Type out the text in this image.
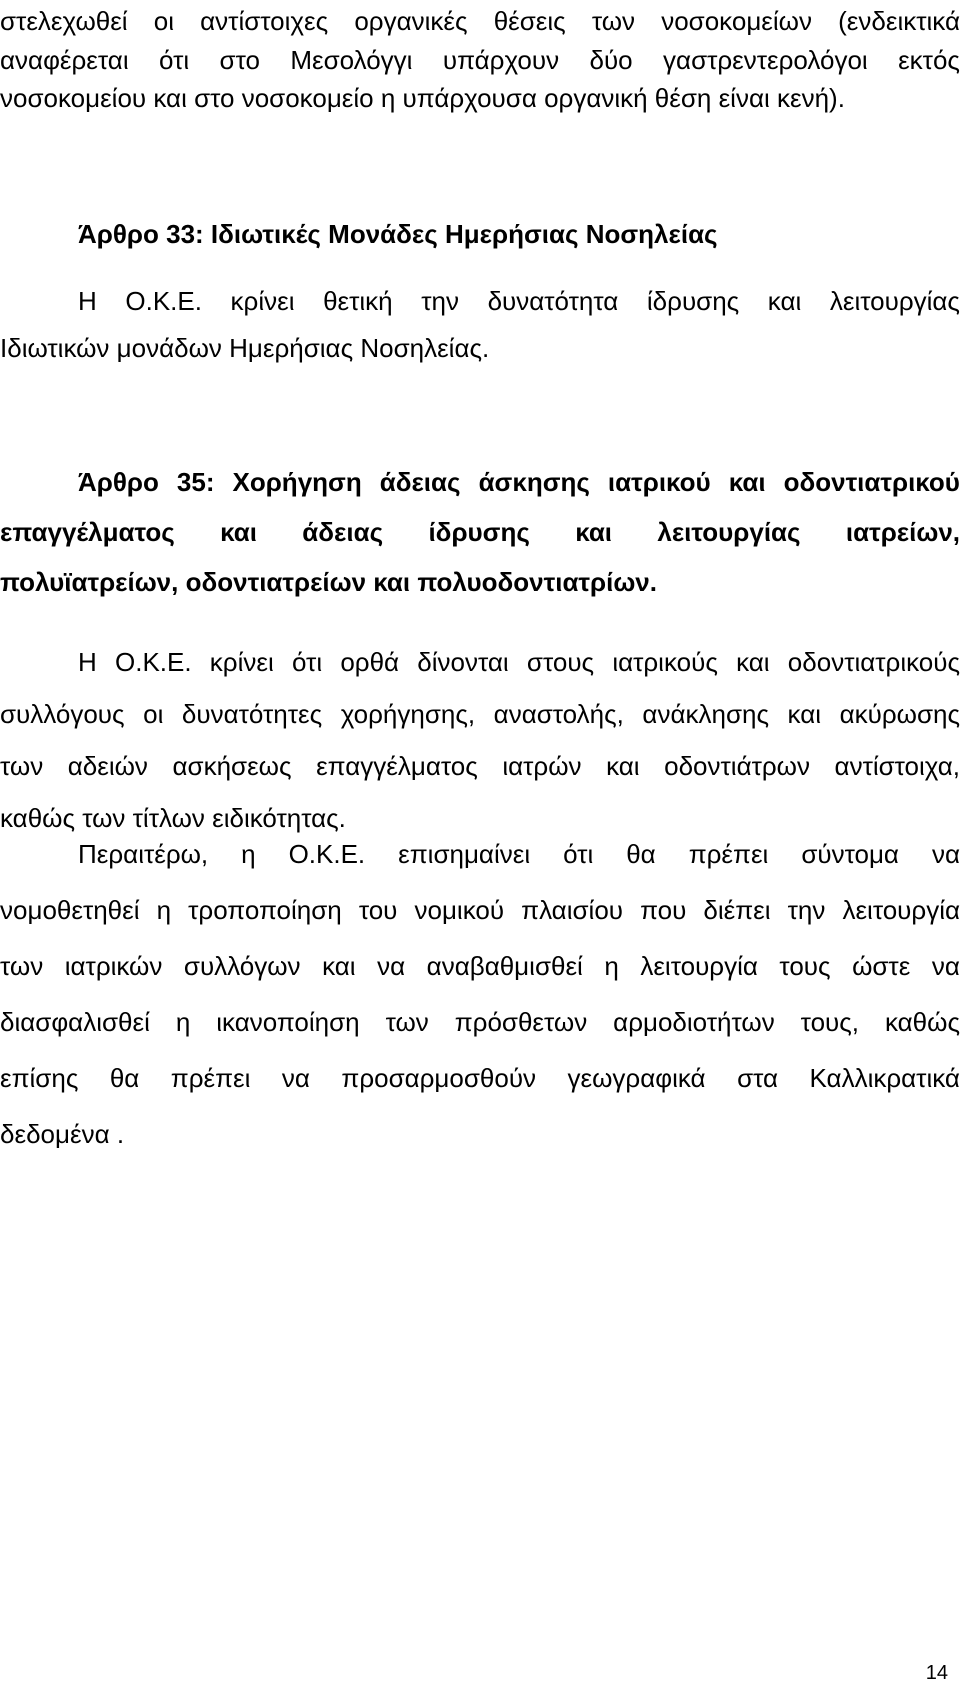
στελεχωθεί οι αντίστοιχες οργανικές θέσεις των νοσοκομείων (ενδεικτικά
αναφέρεται ότι στο Μεσολόγγι υπάρχουν δύο γαστρεντερολόγοι εκτός
νοσοκομείου και στο νοσοκομείο η υπάρχουσα οργανική θέση είναι κενή).
Άρθρο 33: Ιδιωτικές Μονάδες Ημερήσιας Νοσηλείας
Η Ο.Κ.Ε. κρίνει θετική την δυνατότητα ίδρυσης και λειτουργίας
Ιδιωτικών μονάδων Ημερήσιας Νοσηλείας.
Άρθρο 35: Χορήγηση άδειας άσκησης ιατρικού και οδοντιατρικού
επαγγέλματος και άδειας ίδρυσης και λειτουργίας ιατρείων,
πολυϊατρείων, οδοντιατρείων και πολυοδοντιατρίων.
Η Ο.Κ.Ε. κρίνει ότι ορθά δίνονται στους ιατρικούς και οδοντιατρικούς
συλλόγους οι δυνατότητες χορήγησης, αναστολής, ανάκλησης και ακύρωσης
των αδειών ασκήσεως επαγγέλματος ιατρών και οδοντιάτρων αντίστοιχα,
καθώς των τίτλων ειδικότητας.
Περαιτέρω, η Ο.Κ.Ε. επισημαίνει ότι θα πρέπει σύντομα να
νομοθετηθεί η τροποποίηση του νομικού πλαισίου που διέπει την λειτουργία
των ιατρικών συλλόγων και να αναβαθμισθεί η λειτουργία τους ώστε να
διασφαλισθεί η ικανοποίηση των πρόσθετων αρμοδιοτήτων τους, καθώς
επίσης θα πρέπει να προσαρμοσθούν γεωγραφικά στα Καλλικρατικά
δεδομένα .
14
